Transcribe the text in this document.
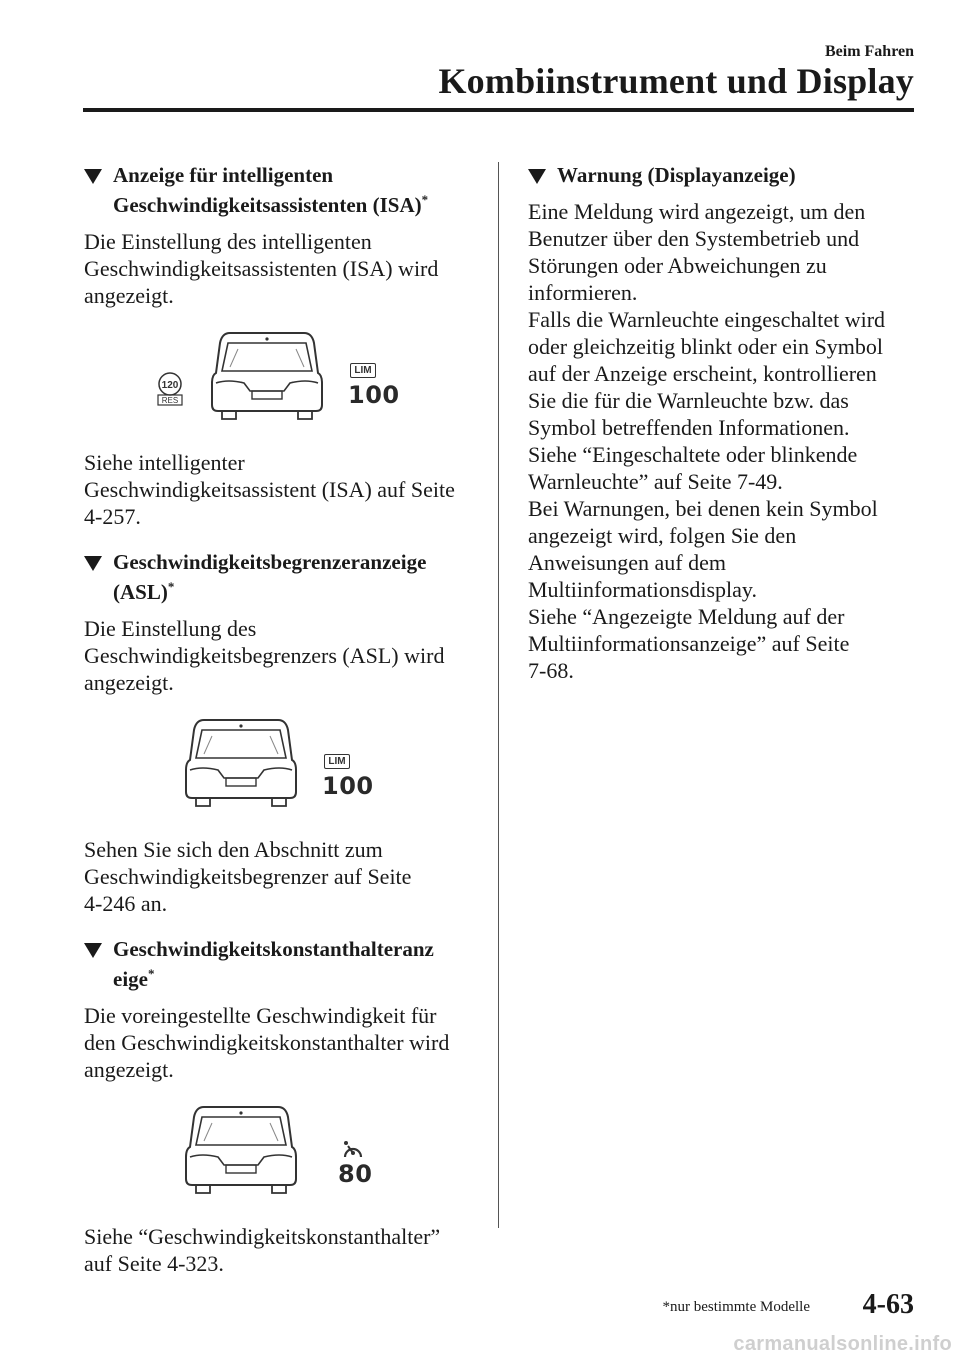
Beim Fahren
Kombiinstrument und Display
Anzeige für intelligenten
Geschwindigkeitsassistenten (ISA)*

Die Einstellung des intelligenten
Geschwindigkeitsassistenten (ISA) wird
angezeigt.

120
RES
LIM
100

Siehe intelligenter
Geschwindigkeitsassistent (ISA) auf Seite
4-257.

Geschwindigkeitsbegrenzeranzeige
(ASL)*

Die Einstellung des
Geschwindigkeitsbegrenzers (ASL) wird
angezeigt.

LIM
100

Sehen Sie sich den Abschnitt zum
Geschwindigkeitsbegrenzer auf Seite
4-246 an.

Geschwindigkeitskonstanthalteranz
eige*

Die voreingestellte Geschwindigkeit für
den Geschwindigkeitskonstanthalter wird
angezeigt.

80

Siehe “Geschwindigkeitskonstanthalter”
auf Seite 4-323.

Warnung (Displayanzeige)

Eine Meldung wird angezeigt, um den
Benutzer über den Systembetrieb und
Störungen oder Abweichungen zu
informieren.
Falls die Warnleuchte eingeschaltet wird
oder gleichzeitig blinkt oder ein Symbol
auf der Anzeige erscheint, kontrollieren
Sie die für die Warnleuchte bzw. das
Symbol betreffenden Informationen.
Siehe “Eingeschaltete oder blinkende
Warnleuchte” auf Seite 7-49.
Bei Warnungen, bei denen kein Symbol
angezeigt wird, folgen Sie den
Anweisungen auf dem
Multiinformationsdisplay.
Siehe “Angezeigte Meldung auf der
Multiinformationsanzeige” auf Seite
7-68.

*nur bestimmte Modelle 4-63
carmanualsonline.info
